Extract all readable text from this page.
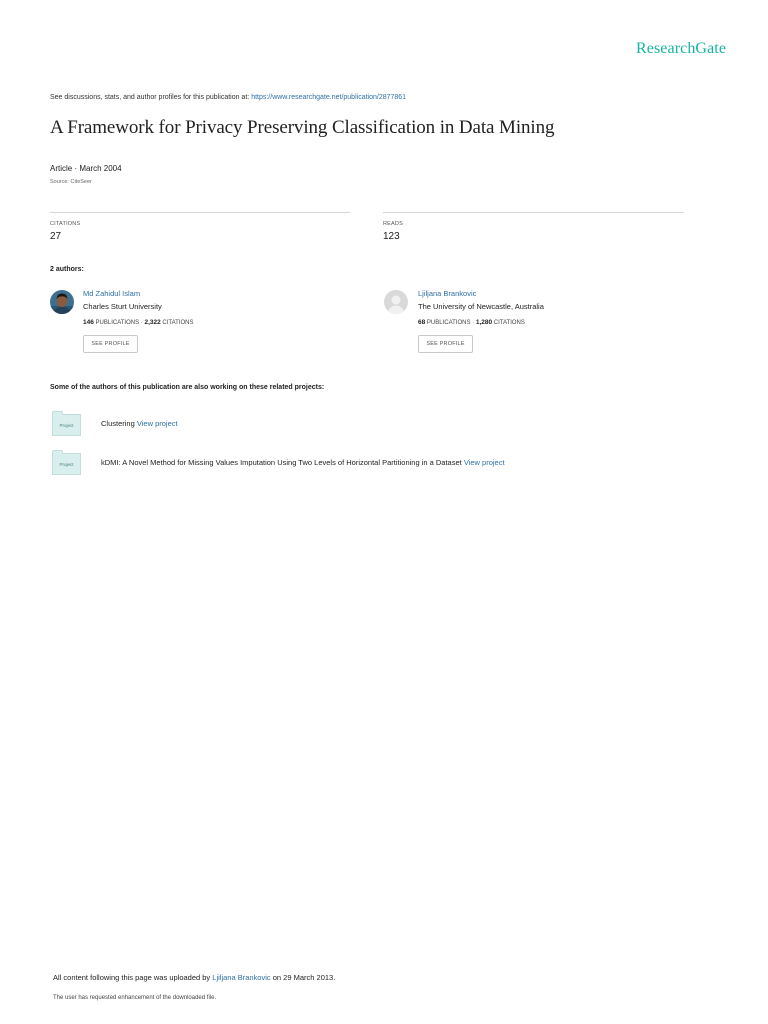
ResearchGate
See discussions, stats, and author profiles for this publication at: https://www.researchgate.net/publication/2877861
A Framework for Privacy Preserving Classification in Data Mining
Article · March 2004
Source: CiteSeer
CITATIONS
27
READS
123
2 authors:
Md Zahidul Islam
Charles Sturt University
146 PUBLICATIONS · 2,322 CITATIONS
SEE PROFILE
Ljiljana Brankovic
The University of Newcastle, Australia
68 PUBLICATIONS · 1,280 CITATIONS
SEE PROFILE
Some of the authors of this publication are also working on these related projects:
Project	Clustering View project
Project	kDMI: A Novel Method for Missing Values Imputation Using Two Levels of Horizontal Partitioning in a Dataset View project
All content following this page was uploaded by Ljiljana Brankovic on 29 March 2013.
The user has requested enhancement of the downloaded file.
